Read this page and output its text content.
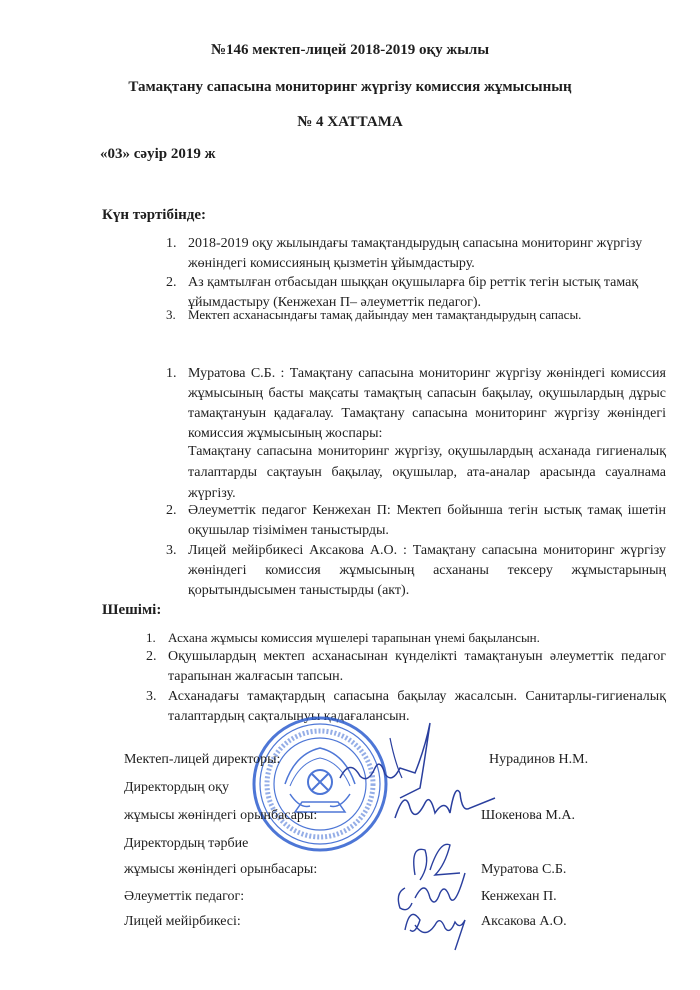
№146 мектеп-лицей 2018-2019 оқу жылы
Тамақтану сапасына мониторинг жүргізу комиссия жұмысының
№ 4 ХАТТАМА
«03» сәуір 2019 ж
Күн тәртібінде:
1. 2018-2019 оқу жылындағы тамақтандырудың сапасына мониторинг жүргізу
жөніндегі комиссияның қызметін ұйымдастыру.
2. Аз қамтылған отбасыдан шыққан оқушыларға бір реттік тегін ыстық тамақ
ұйымдастыру (Кенжехан П– әлеуметтік педагог).
3. Мектеп асханасындағы тамақ дайындау мен тамақтандырудың сапасы.
1. Муратова С.Б. : Тамақтану сапасына мониторинг жүргізу жөніндегі комиссия жұмысының басты мақсаты тамақтың сапасын бақылау, оқушылардың дұрыс тамақтануын қадағалау. Тамақтану сапасына мониторинг жүргізу жөніндегі комиссия жұмысының жоспары:
Тамақтану сапасына мониторинг жүргізу, оқушылардың асханада гигиеналық талаптарды сақтауын бақылау, оқушылар, ата-аналар арасында сауалнама жүргізу.
2. Әлеуметтік педагог Кенжехан П: Мектеп бойынша тегін ыстық тамақ ішетін оқушылар тізімімен таныстырды.
3. Лицей мейірбикесі Аксакова А.О. : Тамақтану сапасына мониторинг жүргізу жөніндегі комиссия жұмысының асхананы тексеру жұмыстарының қорытындысымен таныстырды (акт).
Шешімі:
1. Асхана жұмысы комиссия мүшелері тарапынан үнемі бақылансын.
2. Оқушылардың мектеп асханасынан күнделікті тамақтануын әлеуметтік педагог тарапынан жалғасын тапсын.
3. Асханадағы тамақтардың сапасына бақылау жасалсын. Санитарлы-гигиеналық талаптардың сақталынуы қадағалансын.
Мектеп-лицей директоры:	Нурадинов Н.М.
Директордың оқу
жұмысы жөніндегі орынбасары:	Шокенова М.А.
Директордың тәрбие
жұмысы жөніндегі орынбасары:	Муратова С.Б.
Әлеуметтік педагог:	Кенжехан П.
Лицей мейірбикесі:	Аксакова А.О.
